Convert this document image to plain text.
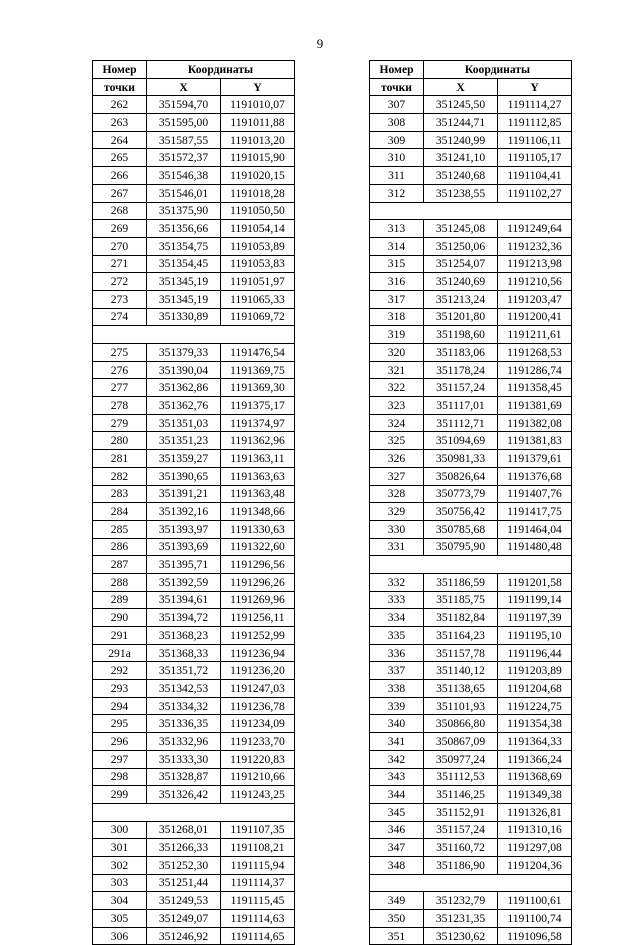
9
Номер	Координаты	
точки	X	Y
262	351594,70	1191010,07
263	351595,00	1191011,88
264	351587,55	1191013,20
265	351572,37	1191015,90
266	351546,38	1191020,15
267	351546,01	1191018,28
268	351375,90	1191050,50
269	351356,66	1191054,14
270	351354,75	1191053,89
271	351354,45	1191053,83
272	351345,19	1191051,97
273	351345,19	1191065,33
274	351330,89	1191069,72

275	351379,33	1191476,54
276	351390,04	1191369,75
277	351362,86	1191369,30
278	351362,76	1191375,17
279	351351,03	1191374,97
280	351351,23	1191362,96
281	351359,27	1191363,11
282	351390,65	1191363,63
283	351391,21	1191363,48
284	351392,16	1191348,66
285	351393,97	1191330,63
286	351393,69	1191322,60
287	351395,71	1191296,56
288	351392,59	1191296,26
289	351394,61	1191269,96
290	351394,72	1191256,11
291	351368,23	1191252,99
291а	351368,33	1191236,94
292	351351,72	1191236,20
293	351342,53	1191247,03
294	351334,32	1191236,78
295	351336,35	1191234,09
296	351332,96	1191233,70
297	351333,30	1191220,83
298	351328,87	1191210,66
299	351326,42	1191243,25

300	351268,01	1191107,35
301	351266,33	1191108,21
302	351252,30	1191115,94
303	351251,44	1191114,37
304	351249,53	1191115,45
305	351249,07	1191114,63
306	351246,92	1191114,65
Номер	Координаты	
точки	X	Y
307	351245,50	1191114,27
308	351244,71	1191112,85
309	351240,99	1191106,11
310	351241,10	1191105,17
311	351240,68	1191104,41
312	351238,55	1191102,27

313	351245,08	1191249,64
314	351250,06	1191232,36
315	351254,07	1191213,98
316	351240,69	1191210,56
317	351213,24	1191203,47
318	351201,80	1191200,41
319	351198,60	1191211,61
320	351183,06	1191268,53
321	351178,24	1191286,74
322	351157,24	1191358,45
323	351117,01	1191381,69
324	351112,71	1191382,08
325	351094,69	1191381,83
326	350981,33	1191379,61
327	350826,64	1191376,68
328	350773,79	1191407,76
329	350756,42	1191417,75
330	350785,68	1191464,04
331	350795,90	1191480,48

332	351186,59	1191201,58
333	351185,75	1191199,14
334	351182,84	1191197,39
335	351164,23	1191195,10
336	351157,78	1191196,44
337	351140,12	1191203,89
338	351138,65	1191204,68
339	351101,93	1191224,75
340	350866,80	1191354,38
341	350867,09	1191364,33
342	350977,24	1191366,24
343	351112,53	1191368,69
344	351146,25	1191349,38
345	351152,91	1191326,81
346	351157,24	1191310,16
347	351160,72	1191297,08
348	351186,90	1191204,36

349	351232,79	1191100,61
350	351231,35	1191100,74
351	351230,62	1191096,58
